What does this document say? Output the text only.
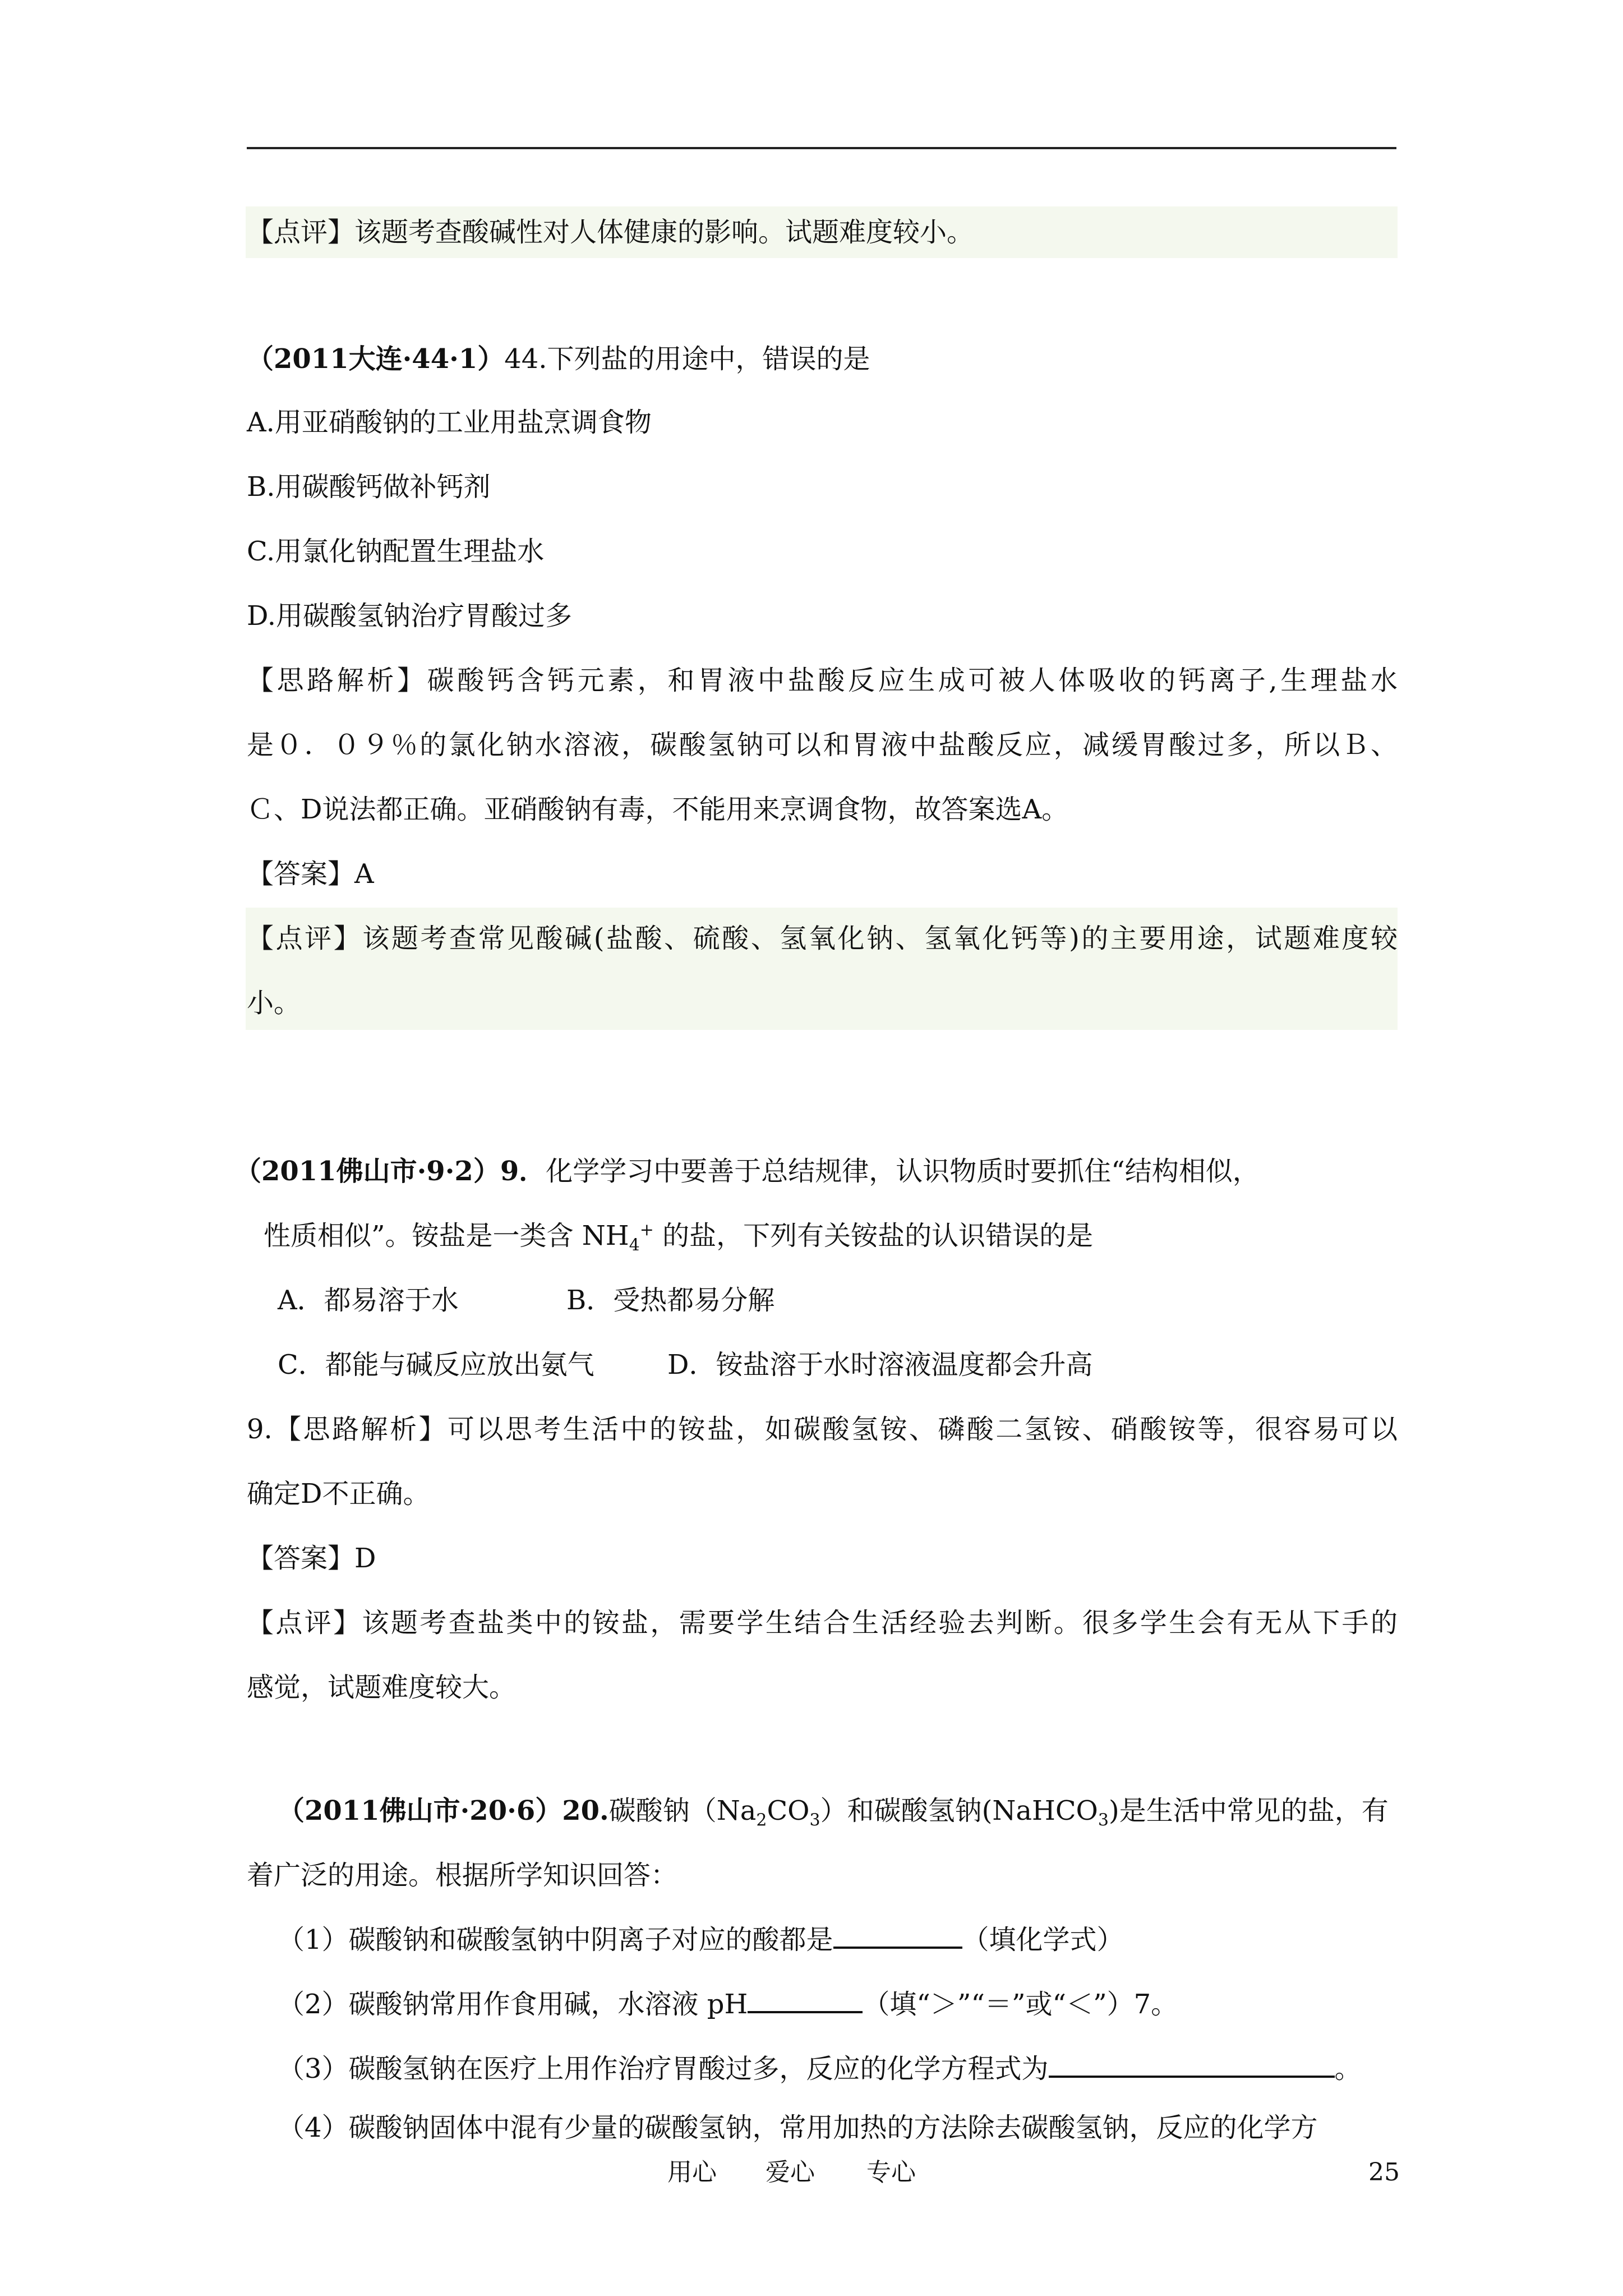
【点评】该题考查酸碱性对人体健康的影响。试题难度较小。
（2011大连·44·1）44.下列盐的用途中，错误的是
A.用亚硝酸钠的工业用盐烹调食物
B.用碳酸钙做补钙剂
C.用氯化钠配置生理盐水
D.用碳酸氢钠治疗胃酸过多
【思路解析】碳酸钙含钙元素，和胃液中盐酸反应生成可被人体吸收的钙离子,生理盐水
是０．０９％的氯化钠水溶液，碳酸氢钠可以和胃液中盐酸反应，减缓胃酸过多，所以Ｂ、
Ｃ、D说法都正确。亚硝酸钠有毒，不能用来烹调食物，故答案选A。
【答案】A
【点评】该题考查常见酸碱(盐酸、硫酸、氢氧化钠、氢氧化钙等)的主要用途，试题难度较
小。
（2011佛山市·9·2）9．化学学习中要善于总结规律，认识物质时要抓住“结构相似，
性质相似”。铵盐是一类含 $NH_4^+$ 的盐，下列有关铵盐的认识错误的是
A．都易溶于水	B．受热都易分解
C．都能与碱反应放出氨气	D．铵盐溶于水时溶液温度都会升高
9.【思路解析】可以思考生活中的铵盐，如碳酸氢铵、磷酸二氢铵、硝酸铵等，很容易可以
确定D不正确。
【答案】D
【点评】该题考查盐类中的铵盐，需要学生结合生活经验去判断。很多学生会有无从下手的
感觉，试题难度较大。
（2011佛山市·20·6）20.碳酸钠$(Na_2CO_3)$和碳酸氢钠(NaHCO$_3$)是生活中常见的盐，有
着广泛的用途。根据所学知识回答：
（1）碳酸钠和碳酸氢钠中阴离子对应的酸都是	（填化学式）
（2）碳酸钠常用作食用碱，水溶液 pH	（填“＞”“＝”或“＜”）7。
（3）碳酸氢钠在医疗上用作治疗胃酸过多，反应的化学方程式为	。
（4）碳酸钠固体中混有少量的碳酸氢钠，常用加热的方法除去碳酸氢钠，反应的化学方
用心 爱心 专心	25
